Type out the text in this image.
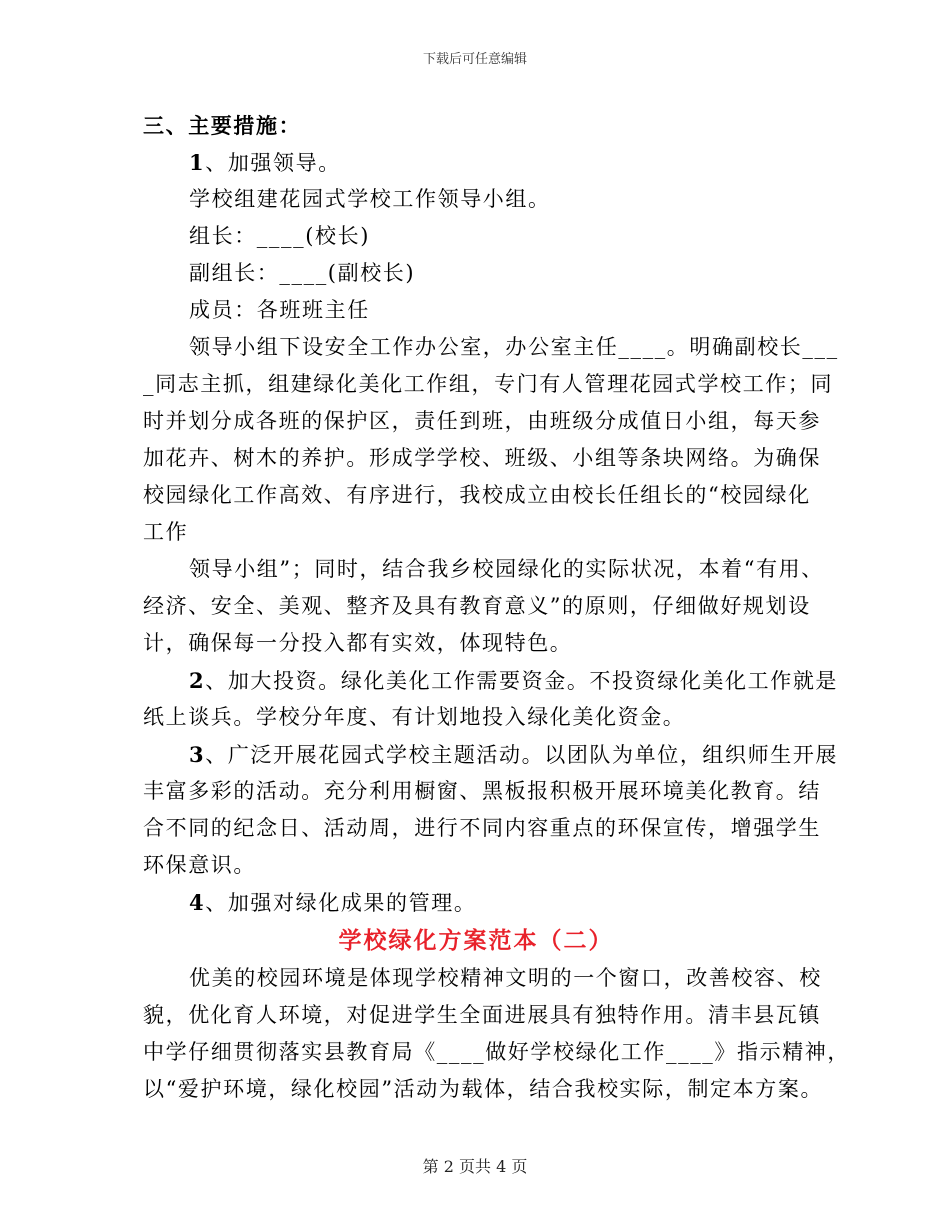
下载后可任意编辑
三、主要措施：
1、加强领导。
学校组建花园式学校工作领导小组。
组长：____(校长)
副组长：____(副校长)
成员：各班班主任
领导小组下设安全工作办公室，办公室主任____。明确副校长___
_同志主抓，组建绿化美化工作组，专门有人管理花园式学校工作；同
时并划分成各班的保护区，责任到班，由班级分成值日小组，每天参
加花卉、树木的养护。形成学学校、班级、小组等条块网络。为确保
校园绿化工作高效、有序进行，我校成立由校长任组长的“校园绿化
工作
领导小组”；同时，结合我乡校园绿化的实际状况，本着“有用、
经济、安全、美观、整齐及具有教育意义”的原则，仔细做好规划设
计，确保每一分投入都有实效，体现特色。
2、加大投资。绿化美化工作需要资金。不投资绿化美化工作就是
纸上谈兵。学校分年度、有计划地投入绿化美化资金。
3、广泛开展花园式学校主题活动。以团队为单位，组织师生开展
丰富多彩的活动。充分利用橱窗、黑板报积极开展环境美化教育。结
合不同的纪念日、活动周，进行不同内容重点的环保宣传，增强学生
环保意识。
4、加强对绿化成果的管理。
学校绿化方案范本（二）
优美的校园环境是体现学校精神文明的一个窗口，改善校容、校
貌，优化育人环境，对促进学生全面进展具有独特作用。清丰县瓦镇
中学仔细贯彻落实县教育局《____做好学校绿化工作____》指示精神，
以“爱护环境，绿化校园”活动为载体，结合我校实际，制定本方案。
第 2 页共 4 页
